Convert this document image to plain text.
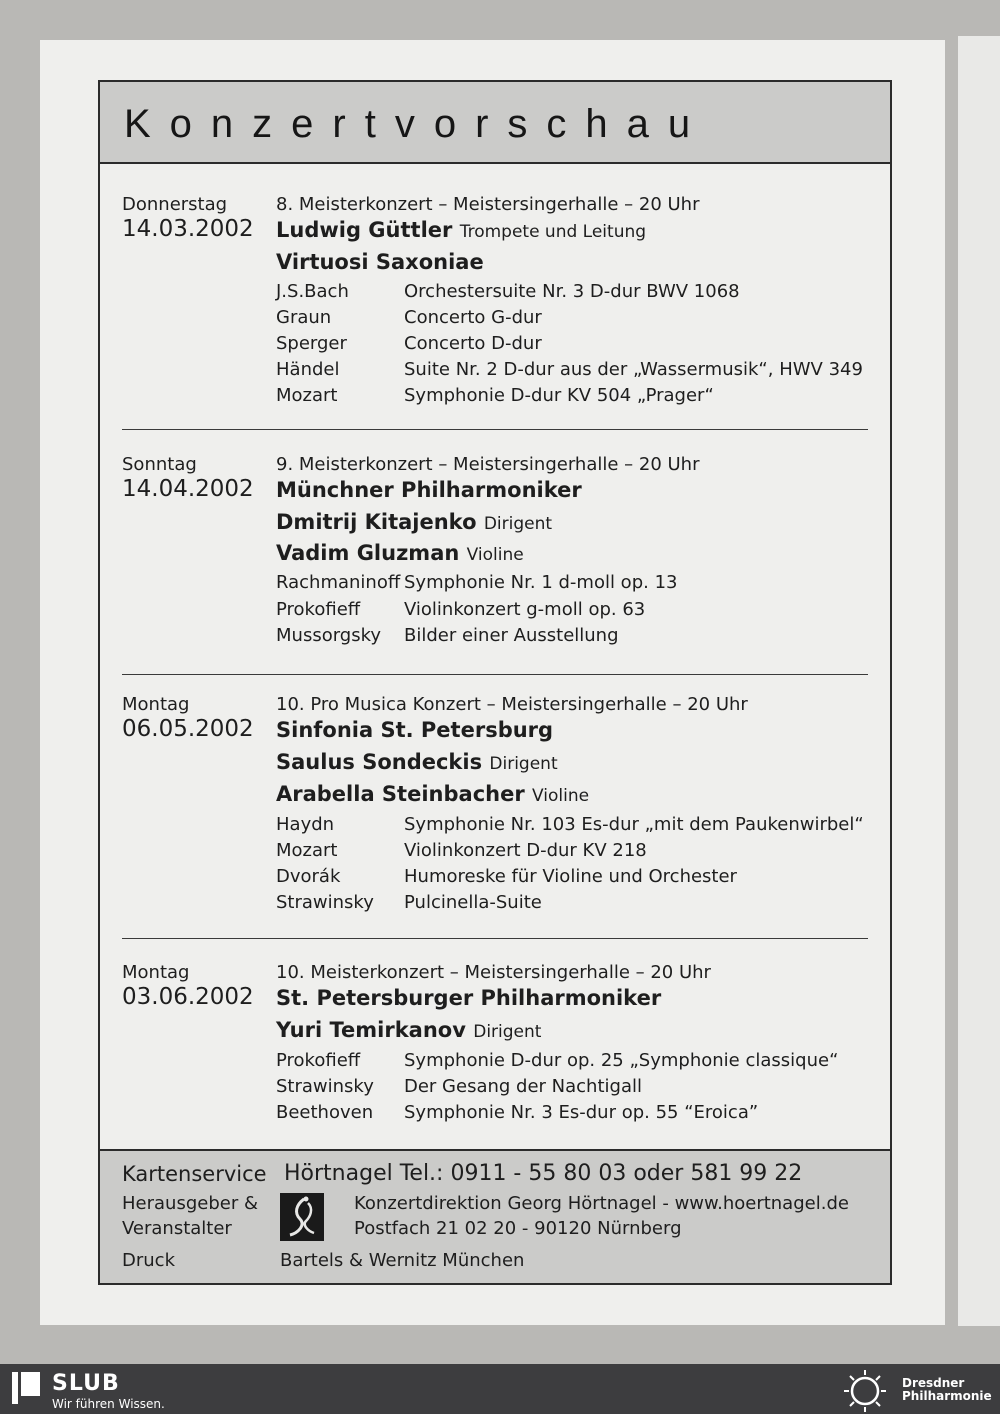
Konzertvorschau
Donnerstag
14.03.2002
8. Meisterkonzert – Meistersingerhalle – 20 Uhr
Ludwig Güttler Trompete und Leitung
Virtuosi Saxoniae
J.S.Bach	Orchestersuite Nr. 3 D-dur BWV 1068
Graun	Concerto G-dur
Sperger	Concerto D-dur
Händel	Suite Nr. 2 D-dur aus der „Wassermusik“, HWV 349
Mozart	Symphonie D-dur KV 504 „Prager“
Sonntag
14.04.2002
9. Meisterkonzert – Meistersingerhalle – 20 Uhr
Münchner Philharmoniker
Dmitrij Kitajenko Dirigent
Vadim Gluzman Violine
Rachmaninoff Symphonie Nr. 1 d-moll op. 13
Prokofieff Violinkonzert g-moll op. 63
Mussorgsky Bilder einer Ausstellung
Montag
06.05.2002
10. Pro Musica Konzert – Meistersingerhalle – 20 Uhr
Sinfonia St. Petersburg
Saulus Sondeckis Dirigent
Arabella Steinbacher Violine
Haydn	Symphonie Nr. 103 Es-dur „mit dem Paukenwirbel“
Mozart	Violinkonzert D-dur KV 218
Dvorák	Humoreske für Violine und Orchester
Strawinsky Pulcinella-Suite
Montag
03.06.2002
10. Meisterkonzert – Meistersingerhalle – 20 Uhr
St. Petersburger Philharmoniker
Yuri Temirkanov Dirigent
Prokofieff Symphonie D-dur op. 25 „Symphonie classique“
Strawinsky Der Gesang der Nachtigall
Beethoven Symphonie Nr. 3 Es-dur op. 55 “Eroica”
Kartenservice Hörtnagel Tel.: 0911 - 55 80 03 oder 581 99 22
Herausgeber &
Veranstalter
Konzertdirektion Georg Hörtnagel - www.hoertnagel.de
Postfach 21 02 20 - 90120 Nürnberg
Druck	Bartels & Wernitz München
SLUB
Wir führen Wissen.
Dresdner
Philharmonie
